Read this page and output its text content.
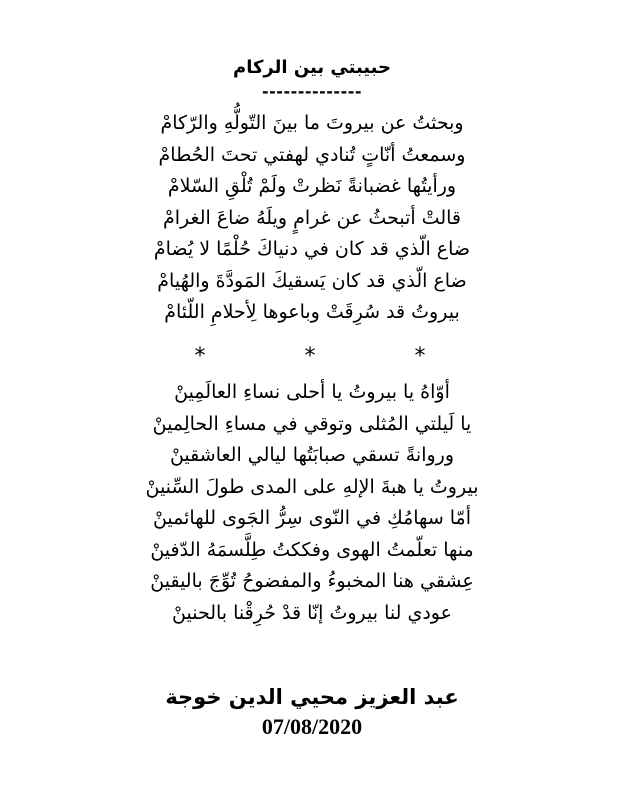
حبيبتي بين الركام
--------------
وبحثتُ عن بيروتَ ما بينَ التّولُّهِ والرّكامْ
وسمعتُ أنّاتٍ تُنادي لهفتي تحتَ الحُطامْ
ورأيتُها غضبانةً نَظرتْ ولَمْ تُلْقِ السّلامْ
قالتْ أتبحثُ عن غرامٍ ويلَهُ ضاعَ الغرامْ
ضاع الّذي قد كان في دنياكَ حُلْمًا لا يُضامْ
ضاع الّذي قد كان يَسقيكَ المَودَّةَ والهُيامْ
بيروتُ قد سُرِقَتْ وباعوها لِأحلامِ اللّئامْ
*	*	*
أوّاهُ يا بيروتُ يا أحلى نساءِ العالَمِينْ
يا لَيلتي المُثلى وتوقي في مساءِ الحالِمينْ
وروانةً تسقي صبابَتُها ليالي العاشقينْ
بيروتُ يا هبةَ الإلهِ على المدى طولَ السِّنينْ
أمّا سهامُكِ في النّوى سِرُّ الجَوى للهائمينْ
منها تعلّمتُ الهوى وفككتُ طِلَّسمَهُ الدّفينْ
عِشقي هنا المخبوءُ والمفضوحُ تُوِّجَ باليقينْ
عودي لنا بيروتُ إنّا قدْ حُرِقْنا بالحنينْ
عبد العزيز محيي الدين خوجة
07/08/2020
